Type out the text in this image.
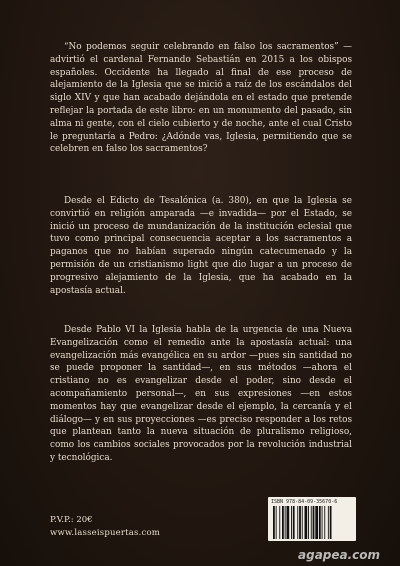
“No podemos seguir celebrando en falso los sacramentos” —advirtió el cardenal Fernando Sebastián en 2015 a los obispos españoles. Occidente ha llegado al final de ese proceso de alejamiento de la Iglesia que se inició a raíz de los escándalos del siglo XIV y que han acabado dejándola en el estado que pretende reflejar la portada de este libro: en un monumento del pasado, sin alma ni gente, con el cielo cubierto y de noche, ante el cual Cristo le preguntaría a Pedro: ¿Adónde vas, Iglesia, permitiendo que se celebren en falso los sacramentos?

Desde el Edicto de Tesalónica (a. 380), en que la Iglesia se convirtió en religión amparada —e invadida— por el Estado, se inició un proceso de mundanización de la institución eclesial que tuvo como principal consecuencia aceptar a los sacramentos a paganos que no habían superado ningún catecumenado y la permisión de un cristianismo light que dio lugar a un proceso de progresivo alejamiento de la Iglesia, que ha acabado en la apostasía actual.

Desde Pablo VI la Iglesia habla de la urgencia de una Nueva Evangelización como el remedio ante la apostasía actual: una evangelización más evangélica en su ardor —pues sin santidad no se puede proponer la santidad—, en sus métodos —ahora el cristiano no es evangelizar desde el poder, sino desde el acompañamiento personal—, en sus expresiones —en estos momentos hay que evangelizar desde el ejemplo, la cercanía y el diálogo— y en sus proyecciones —es preciso responder a los retos que plantean tanto la nueva situación de pluralismo religioso, como los cambios sociales provocados por la revolución industrial y tecnológica.

ISBN 978-84-09-35670-6
P.V.P.: 20€
www.lasseispuertas.com
agapea.com
